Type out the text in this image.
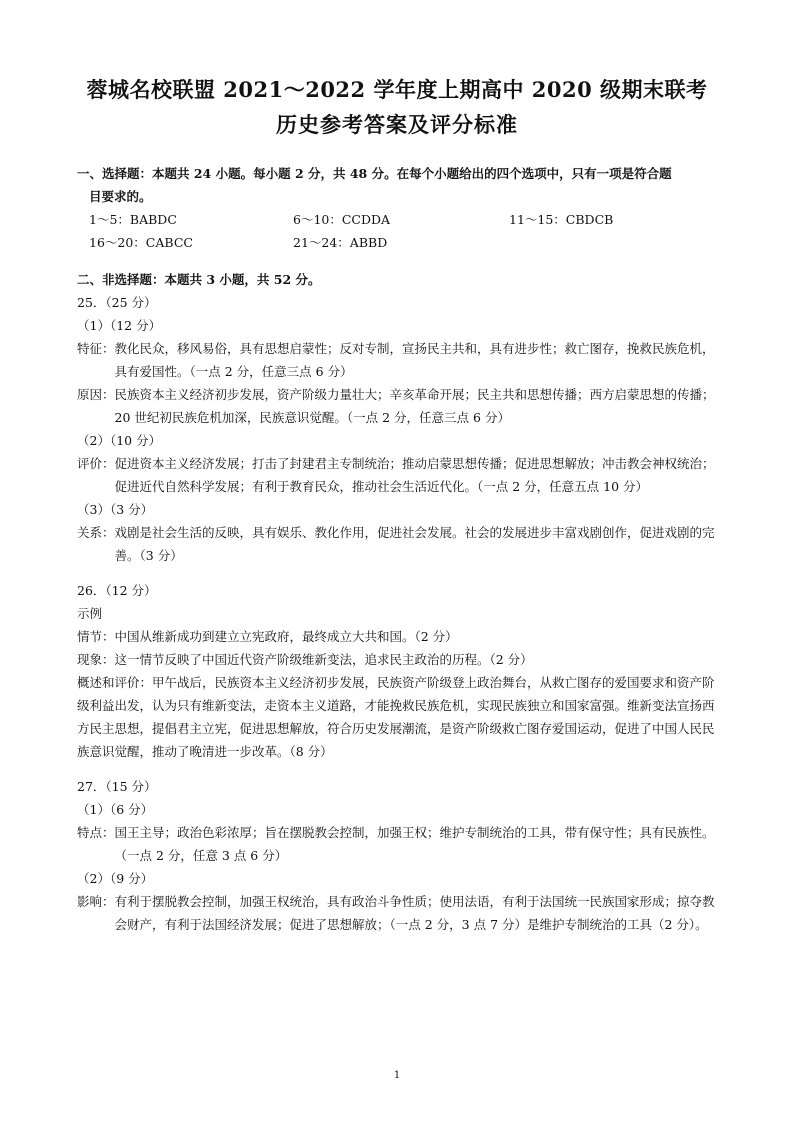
蓉城名校联盟 2021～2022 学年度上期高中 2020 级期末联考
历史参考答案及评分标准
一、选择题：本题共 24 小题。每小题 2 分，共 48 分。在每个小题给出的四个选项中，只有一项是符合题
目要求的。
1～5：BABDC	6～10：CCDDA	11～15：CBDCB
16～20：CABCC	21～24：ABBD
二、非选择题：本题共 3 小题，共 52 分。
25．（25 分）
（1）（12 分）
特征： 教化民众，移风易俗，具有思想启蒙性；反对专制，宣扬民主共和，具有进步性；救亡图存，挽救民族危机，具有爱国性。（一点 2 分，任意三点 6 分）
原因： 民族资本主义经济初步发展，资产阶级力量壮大；辛亥革命开展；民主共和思想传播；西方启蒙思想的传播；20 世纪初民族危机加深，民族意识觉醒。（一点 2 分，任意三点 6 分）
（2）（10 分）
评价： 促进资本主义经济发展；打击了封建君主专制统治；推动启蒙思想传播；促进思想解放；冲击教会神权统治；促进近代自然科学发展；有利于教育民众，推动社会生活近代化。（一点 2 分，任意五点 10 分）
（3）（3 分）
关系： 戏剧是社会生活的反映，具有娱乐、教化作用，促进社会发展。社会的发展进步丰富戏剧创作，促进戏剧的完善。（3 分）
26．（12 分）
示例
情节：中国从维新成功到建立立宪政府，最终成立大共和国。（2 分）
现象：这一情节反映了中国近代资产阶级维新变法，追求民主政治的历程。（2 分）
概述和评价：甲午战后，民族资本主义经济初步发展，民族资产阶级登上政治舞台，从救亡图存的爱国要求和资产阶级利益出发，认为只有维新变法，走资本主义道路，才能挽救民族危机，实现民族独立和国家富强。维新变法宣扬西方民主思想，提倡君主立宪，促进思想解放，符合历史发展潮流，是资产阶级救亡图存爱国运动，促进了中国人民民族意识觉醒，推动了晚清进一步改革。（8 分）
27．（15 分）
（1）（6 分）
特点： 国王主导；政治色彩浓厚；旨在摆脱教会控制，加强王权；维护专制统治的工具，带有保守性；具有民族性。（一点 2 分，任意 3 点 6 分）
（2）（9 分）
影响： 有利于摆脱教会控制，加强王权统治，具有政治斗争性质；使用法语，有利于法国统一民族国家形成；掠夺教会财产，有利于法国经济发展；促进了思想解放；（一点 2 分，3 点 7 分）是维护专制统治的工具（2 分）。
1
